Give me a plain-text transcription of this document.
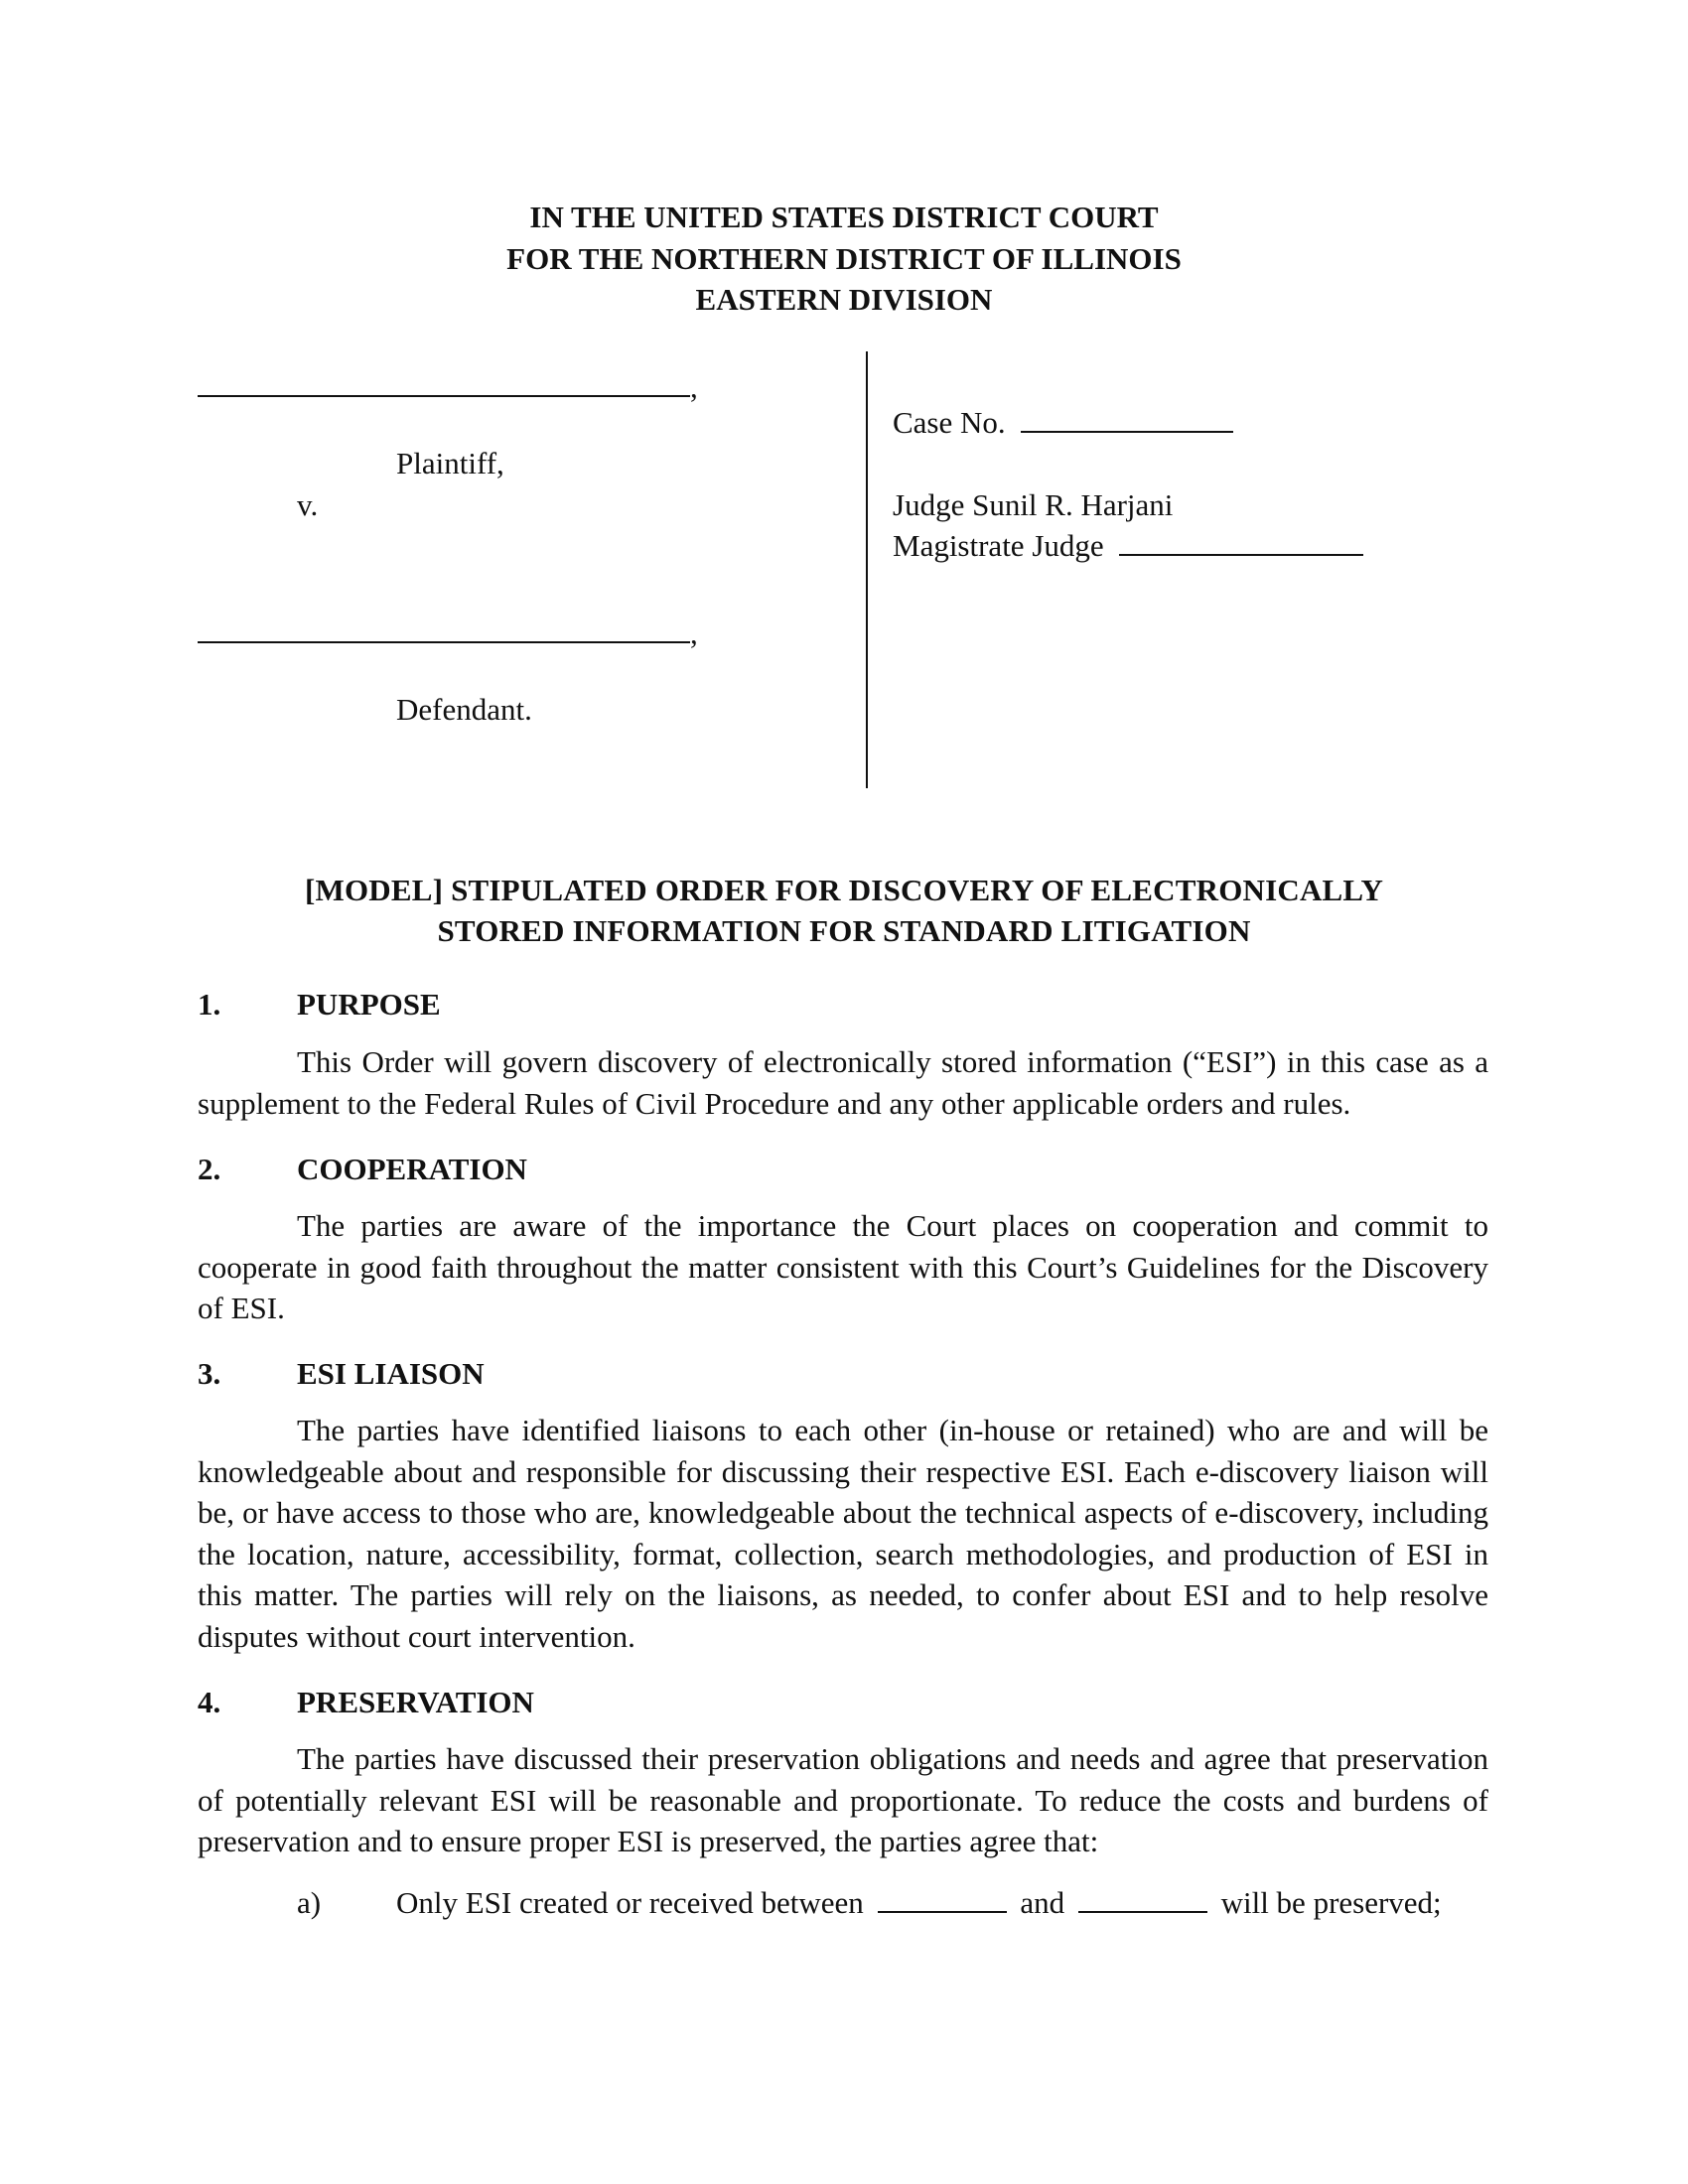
IN THE UNITED STATES DISTRICT COURT
FOR THE NORTHERN DISTRICT OF ILLINOIS
EASTERN DIVISION
,
Plaintiff,
v.
,
Defendant.
Case No.
Judge Sunil R. Harjani
Magistrate Judge
[MODEL] STIPULATED ORDER FOR DISCOVERY OF ELECTRONICALLY
STORED INFORMATION FOR STANDARD LITIGATION
1. PURPOSE
This Order will govern discovery of electronically stored information (“ESI”) in this case as a supplement to the Federal Rules of Civil Procedure and any other applicable orders and rules.
2. COOPERATION
The parties are aware of the importance the Court places on cooperation and commit to cooperate in good faith throughout the matter consistent with this Court’s Guidelines for the Discovery of ESI.
3. ESI LIAISON
The parties have identified liaisons to each other (in-house or retained) who are and will be knowledgeable about and responsible for discussing their respective ESI. Each e-discovery liaison will be, or have access to those who are, knowledgeable about the technical aspects of e-discovery, including the location, nature, accessibility, format, collection, search methodologies, and production of ESI in this matter. The parties will rely on the liaisons, as needed, to confer about ESI and to help resolve disputes without court intervention.
4. PRESERVATION
The parties have discussed their preservation obligations and needs and agree that preservation of potentially relevant ESI will be reasonable and proportionate. To reduce the costs and burdens of preservation and to ensure proper ESI is preserved, the parties agree that:
a) Only ESI created or received between	and	will be preserved;
